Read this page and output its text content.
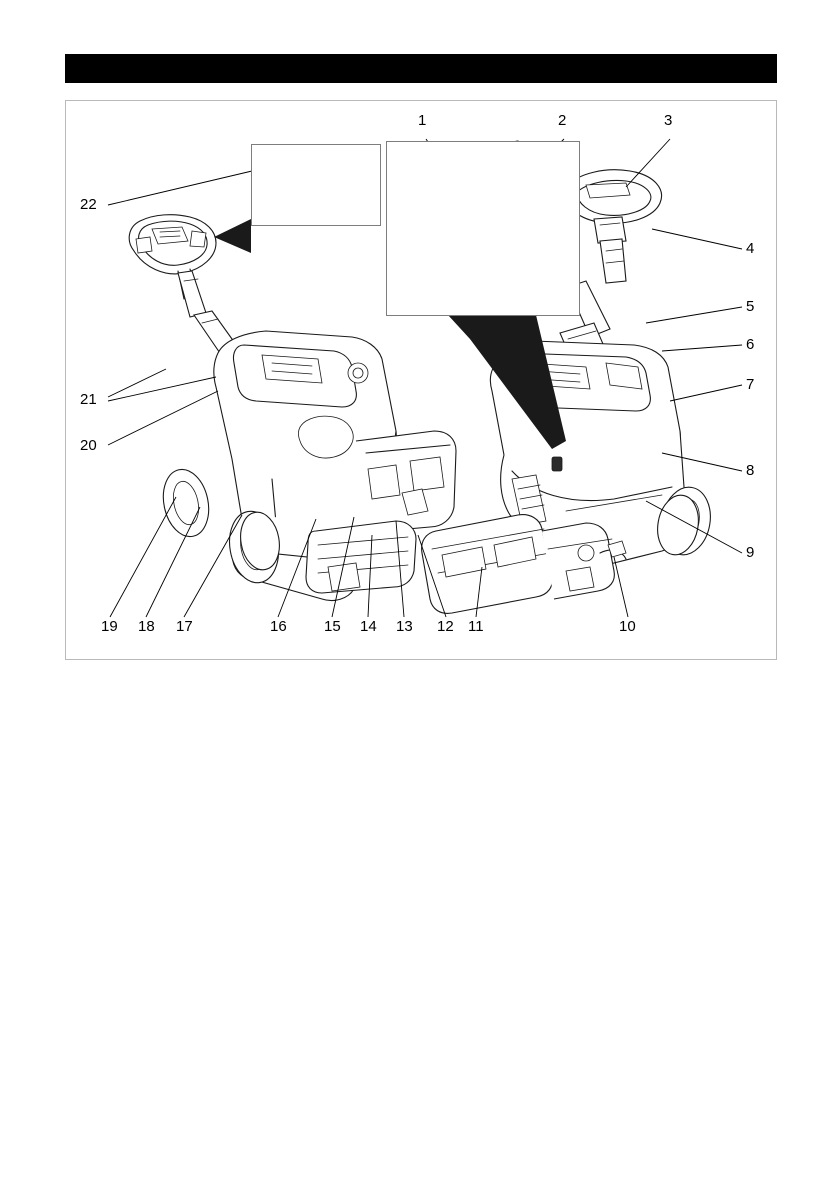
1	2	3
4
5
6
7
8
9
10
11
12
13
14
15
16
17
18
19
20
21
22
